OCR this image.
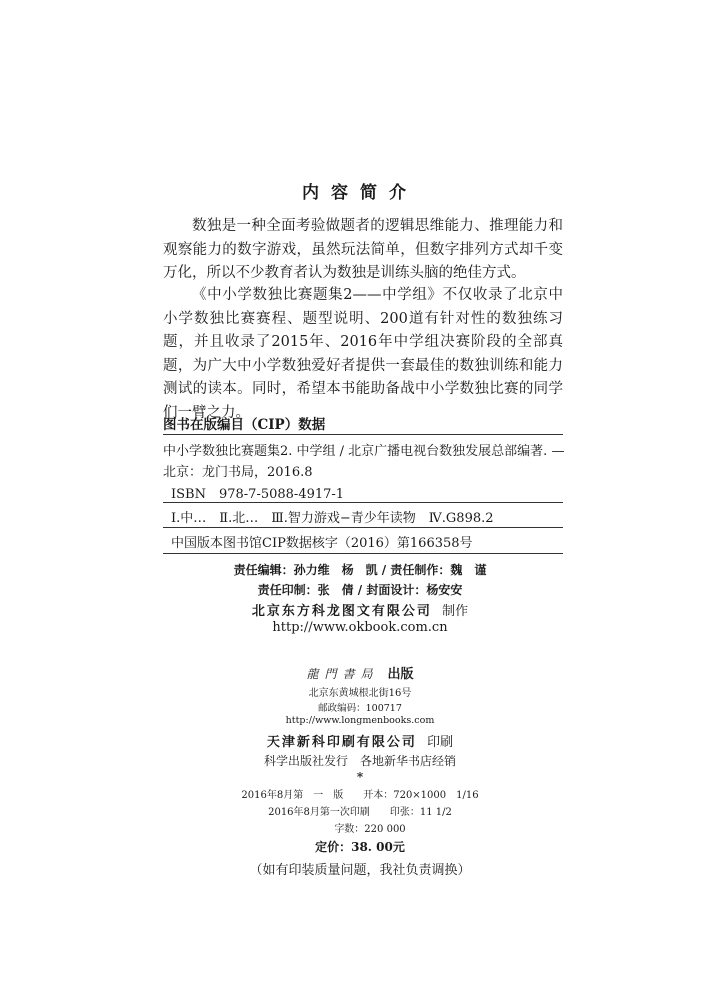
内容简介
数独是一种全面考验做题者的逻辑思维能力、推理能力和观察能力的数字游戏，虽然玩法简单，但数字排列方式却千变万化，所以不少教育者认为数独是训练头脑的绝佳方式。
《中小学数独比赛题集2——中学组》不仅收录了北京中小学数独比赛赛程、题型说明、200道有针对性的数独练习题，并且收录了2015年、2016年中学组决赛阶段的全部真题，为广大中小学数独爱好者提供一套最佳的数独训练和能力测试的读本。同时，希望本书能助备战中小学数独比赛的同学们一臂之力。
图书在版编目（CIP）数据
中小学数独比赛题集2. 中学组 / 北京广播电视台数独发展总部编著. —
北京：龙门书局，2016.8
ISBN　978-7-5088-4917-1
Ⅰ.中…　Ⅱ.北…　Ⅲ.智力游戏−青少年读物　Ⅳ.G898.2
中国版本图书馆CIP数据核字（2016）第166358号
责任编辑：孙力维　杨　凯 / 责任制作：魏　谨
责任印制：张　倩 / 封面设计：杨安安
北京东方科龙图文有限公司 制作
http://www.okbook.com.cn
龍門書局 出版
北京东黄城根北街16号
邮政编码：100717
http://www.longmenbooks.com
天津新科印刷有限公司 印刷
科学出版社发行　各地新华书店经销
*
2016年8月第　一　版　　开本：720×1000　1/16
2016年8月第一次印刷　　印张：11 1/2
字数：220 000
定价：38. 00元
（如有印装质量问题，我社负责调换）
